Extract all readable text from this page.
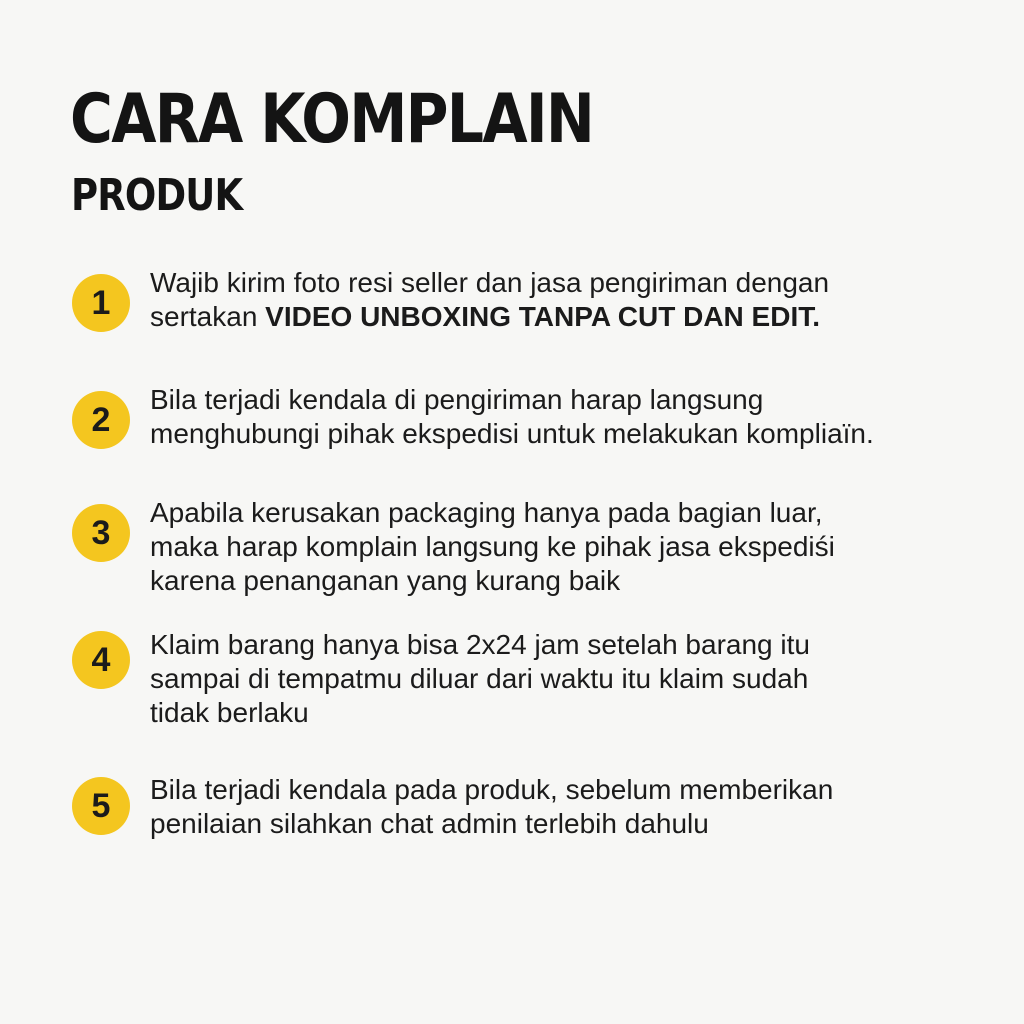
CARA KOMPLAIN
PRODUK
1

Wajib kirim foto resi seller dan jasa pengiriman dengan
sertakan VIDEO UNBOXING TANPA CUT DAN EDIT.

2

Bila terjadi kendala di pengiriman harap langsung
menghubungi pihak ekspedisi untuk melakukan kompliaïn.

3

Apabila kerusakan packaging hanya pada bagian luar,
maka harap komplain langsung ke pihak jasa ekspediśi
karena penanganan yang kurang baik

4	Klaim barang hanya bisa 2x24 jam setelah barang itu
sampai di tempatmu diluar dari waktu itu klaim sudah
tidak berlaku

5	Bila terjadi kendala pada produk, sebelum memberikan
penilaian silahkan chat admin terlebih dahulu
